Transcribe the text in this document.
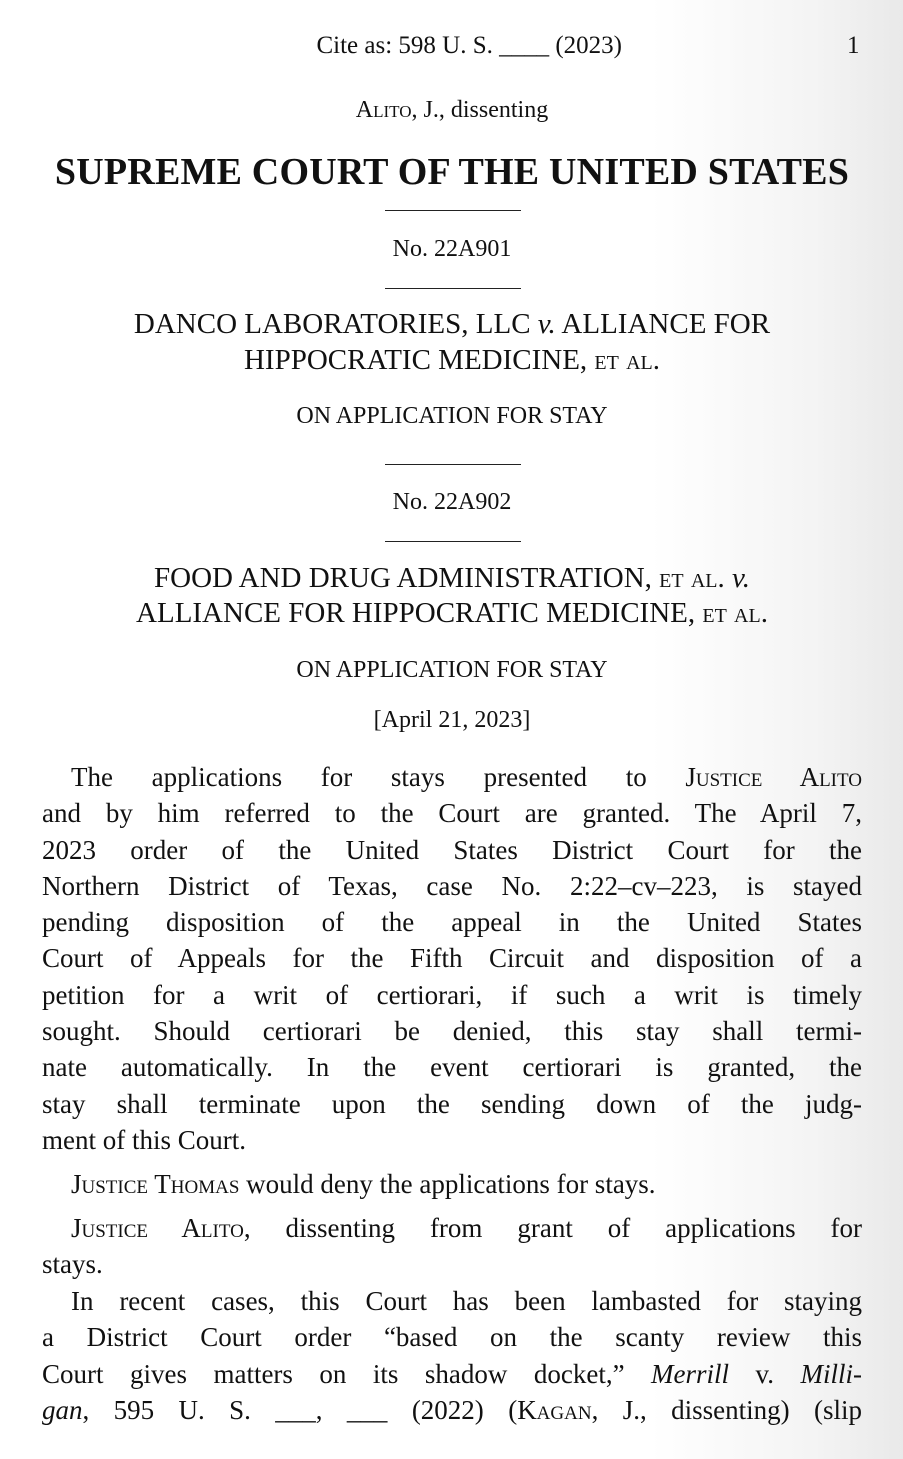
Cite as: 598 U. S. ____ (2023)	1
Alito, J., dissenting
SUPREME COURT OF THE UNITED STATES
No. 22A901
DANCO LABORATORIES, LLC v. ALLIANCE FOR
HIPPOCRATIC MEDICINE, et al.
ON APPLICATION FOR STAY
No. 22A902
FOOD AND DRUG ADMINISTRATION, et al. v.
ALLIANCE FOR HIPPOCRATIC MEDICINE, et al.
ON APPLICATION FOR STAY
[April 21, 2023]
The applications for stays presented to Justice Alito
and by him referred to the Court are granted. The April 7,
2023 order of the United States District Court for the
Northern District of Texas, case No. 2:22–cv–223, is stayed
pending disposition of the appeal in the United States
Court of Appeals for the Fifth Circuit and disposition of a
petition for a writ of certiorari, if such a writ is timely
sought. Should certiorari be denied, this stay shall termi-
nate automatically. In the event certiorari is granted, the
stay shall terminate upon the sending down of the judg-
ment of this Court.
Justice Thomas would deny the applications for stays.
Justice Alito, dissenting from grant of applications for
stays.
In recent cases, this Court has been lambasted for staying
a District Court order “based on the scanty review this
Court gives matters on its shadow docket,” Merrill v. Milli-
gan, 595 U. S. ___, ___ (2022) (Kagan, J., dissenting) (slip
